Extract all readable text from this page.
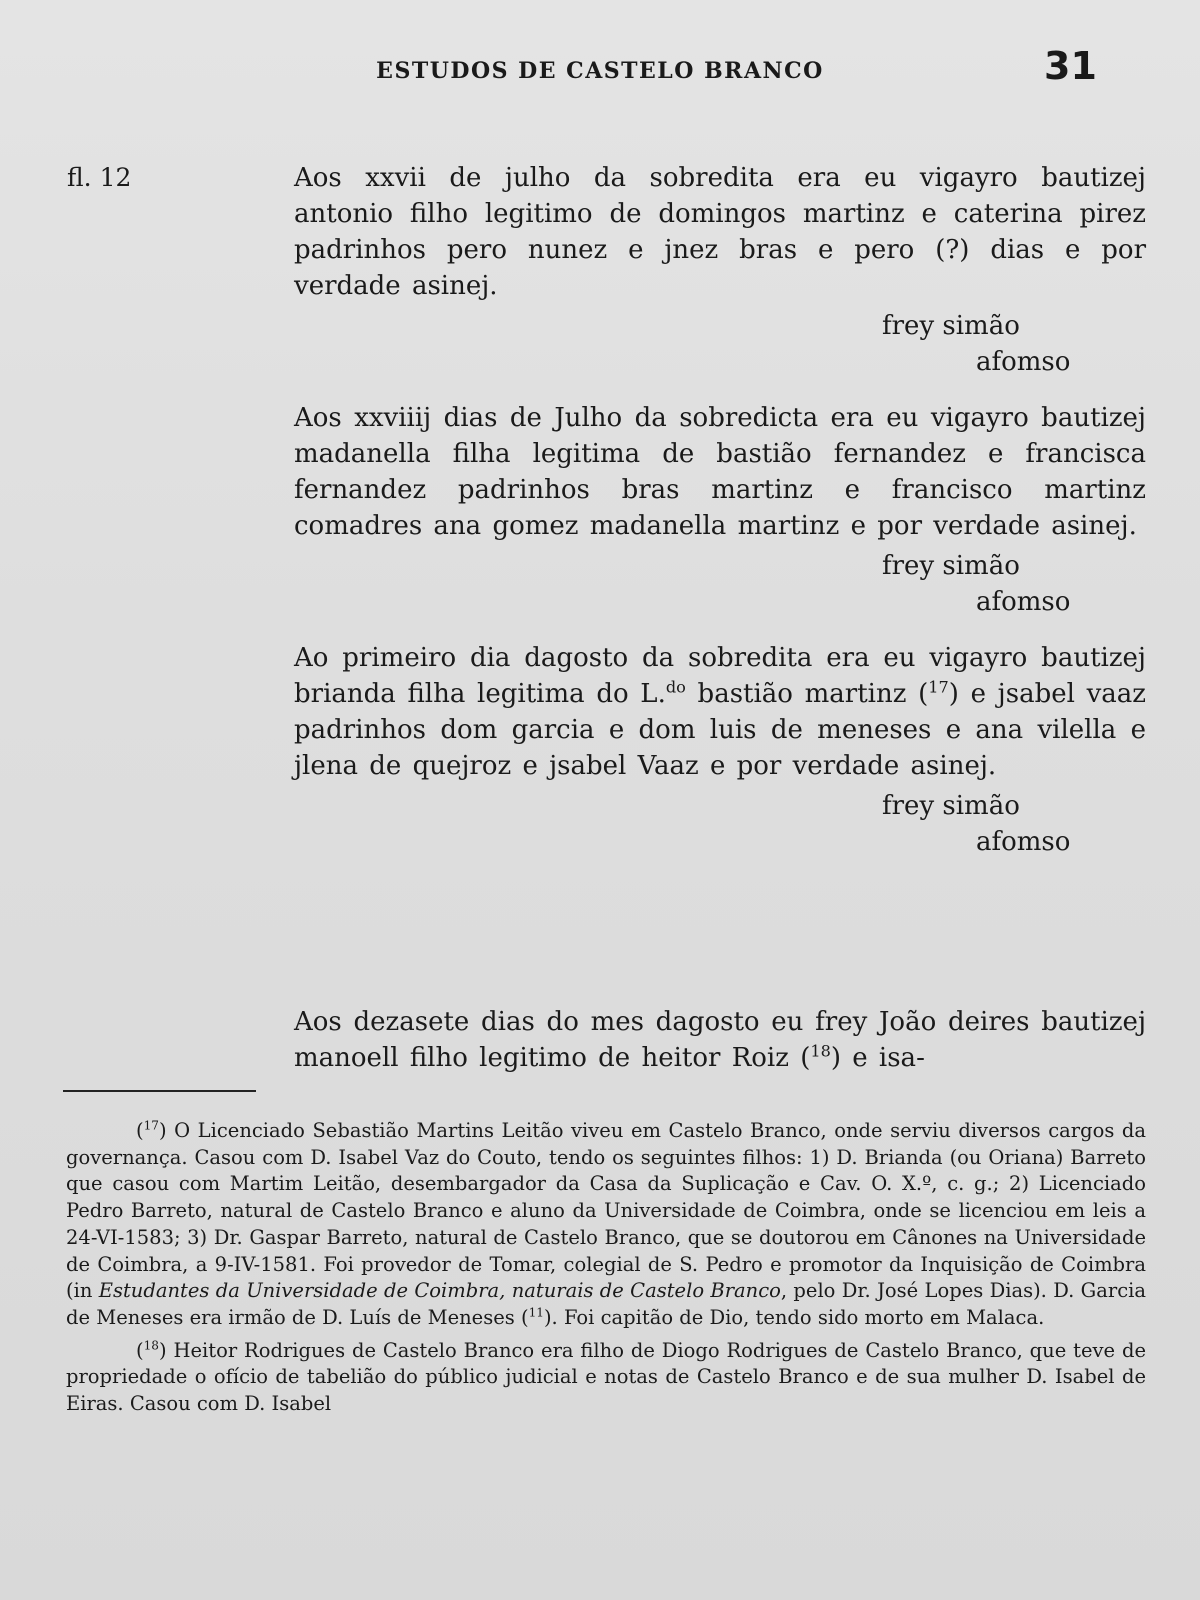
ESTUDOS DE CASTELO BRANCO	31
fl. 12	Aos xxvii de julho da sobredita era eu vigayro bautizej antonio filho legitimo de domingos martinz e caterina pirez padrinhos pero nunez e jnez bras e pero (?) dias e por verdade asinej.

frey simão
afomso

Aos xxviiij dias de Julho da sobredicta era eu vigayro bautizej madanella filha legitima de bastião fernandez e francisca fernandez padrinhos bras martinz e francisco martinz comadres ana gomez madanella martinz e por verdade asinej.

frey simão
afomso

Ao primeiro dia dagosto da sobredita era eu vigayro bautizej brianda filha legitima do L.$^{do}$ bastião martinz ($^{17}$) e jsabel vaaz padrinhos dom garcia e dom luis de meneses e ana vilella e jlena de quejroz e jsabel Vaaz e por verdade asinej.

frey simão
afomso

Aos dezasete dias do mes dagosto eu frey João deires bautizej manoell filho legitimo de heitor Roiz ($^{18}$) e isa-

($^{17}$) O Licenciado Sebastião Martins Leitão viveu em Castelo Branco, onde serviu diversos cargos da governança. Casou com D. Isabel Vaz do Couto, tendo os seguintes filhos: 1) D. Brianda (ou Oriana) Barreto que casou com Martim Leitão, desembargador da Casa da Suplicação e Cav. O. X.º, c. g.; 2) Licenciado Pedro Barreto, natural de Castelo Branco e aluno da Universidade de Coimbra, onde se licenciou em leis a 24-VI-1583; 3) Dr. Gaspar Barreto, natural de Castelo Branco, que se doutorou em Cânones na Universidade de Coimbra, a 9-IV-1581. Foi provedor de Tomar, colegial de S. Pedro e promotor da Inquisição de Coimbra (in Estudantes da Universidade de Coimbra, naturais de Castelo Branco, pelo Dr. José Lopes Dias). D. Garcia de Meneses era irmão de D. Luís de Meneses ($^{11}$). Foi capitão de Dio, tendo sido morto em Malaca.

($^{18}$) Heitor Rodrigues de Castelo Branco era filho de Diogo Rodrigues de Castelo Branco, que teve de propriedade o ofício de tabelião do público judicial e notas de Castelo Branco e de sua mulher D. Isabel de Eiras. Casou com D. Isabel
